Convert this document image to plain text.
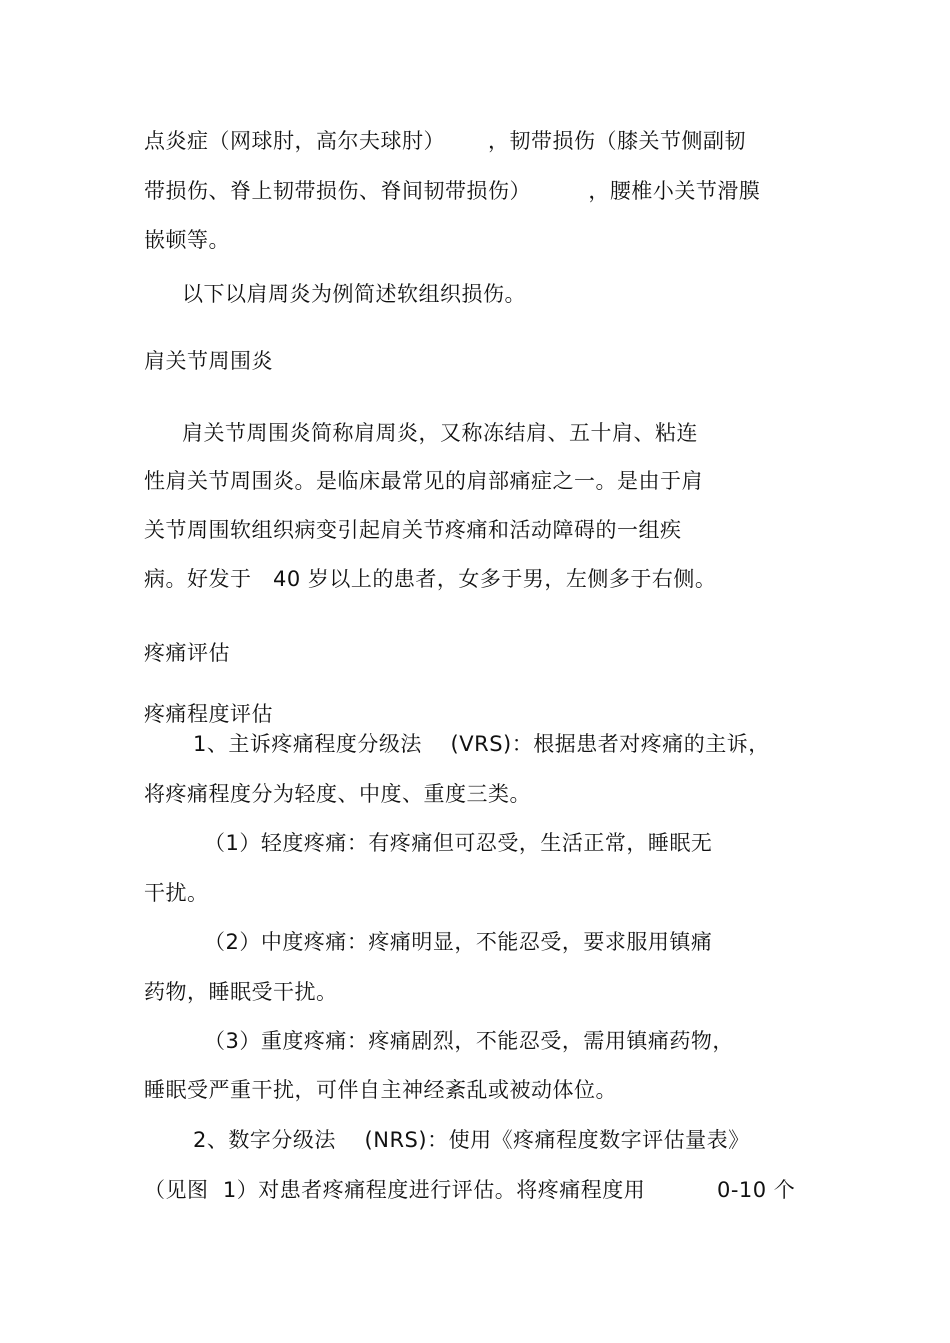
点炎症（网球肘，高尔夫球肘）      ，韧带损伤（膝关节侧副韧
带损伤、脊上韧带损伤、脊间韧带损伤）        ，腰椎小关节滑膜
嵌顿等。
以下以肩周炎为例简述软组织损伤。
肩关节周围炎
肩关节周围炎简称肩周炎，又称冻结肩、五十肩、粘连
性肩关节周围炎。是临床最常见的肩部痛症之一。是由于肩
关节周围软组织病变引起肩关节疼痛和活动障碍的一组疾
病。好发于   40 岁以上的患者，女多于男，左侧多于右侧。
疼痛评估
疼痛程度评估
1、主诉疼痛程度分级法    (VRS)：根据患者对疼痛的主诉，
将疼痛程度分为轻度、中度、重度三类。
（1）轻度疼痛：有疼痛但可忍受，生活正常，睡眠无
干扰。
（2）中度疼痛：疼痛明显，不能忍受，要求服用镇痛
药物，睡眠受干扰。
（3）重度疼痛：疼痛剧烈，不能忍受，需用镇痛药物，
睡眠受严重干扰，可伴自主神经紊乱或被动体位。
2、数字分级法    (NRS)：使用《疼痛程度数字评估量表》
（见图  1）对患者疼痛程度进行评估。将疼痛程度用          0-10 个
